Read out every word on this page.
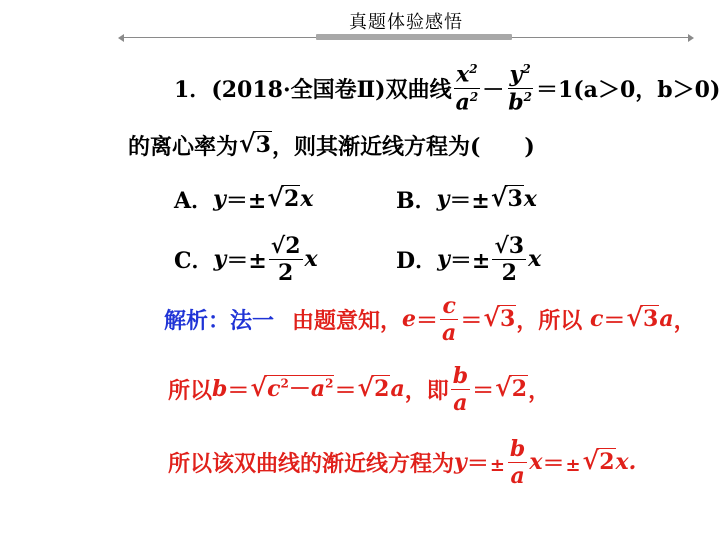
真题体验感悟
1． (2018·全国卷Ⅱ) 双曲线 $\frac{x^2}{a^2} - \frac{y^2}{b^2} =1(a>0$，b＞0)
的离心率为 √ 3 ，则其渐近线方程为(　　)
A． y ＝± √ 2 x	B． y ＝± √ 3 x
C． $y =\pm \frac{√2}{2}$ x	D． $y =\pm \frac{√3}{2}$ x
解析：法一 由题意知， $e = \frac{c}{a}$ ＝ √ 3 ，所以 c ＝ √ 3 a ，
所以 b ＝ √ $c^2-a^2$ ＝ √ 2 a ，即 $\frac{b}{a}$ ＝ √ 2 ，
所以该双曲线的渐近线方程为 $y =\pm \frac{b}{a}$ x ＝± √ 2 x.
